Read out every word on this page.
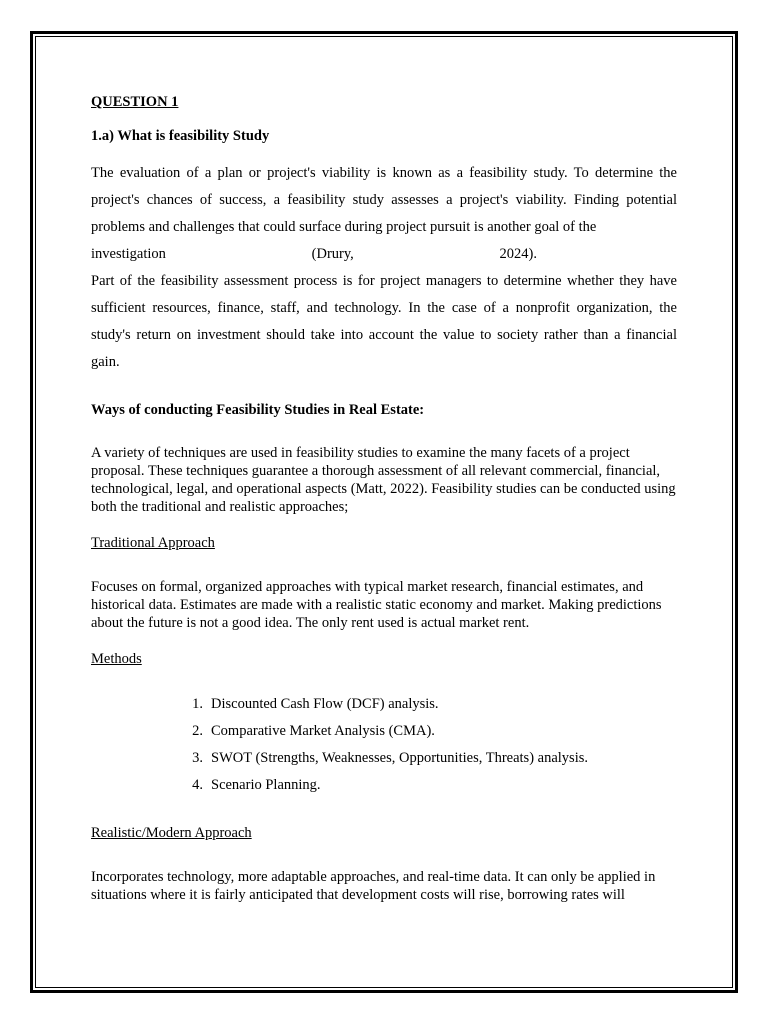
QUESTION 1

1.a) What is feasibility Study

The evaluation of a plan or project's viability is known as a feasibility study. To determine the project's chances of success, a feasibility study assesses a project's viability. Finding potential problems and challenges that could surface during project pursuit is another goal of the

investigation	(Drury,	2024).

Part of the feasibility assessment process is for project managers to determine whether they have sufficient resources, finance, staff, and technology. In the case of a nonprofit organization, the study's return on investment should take into account the value to society rather than a financial gain.

Ways of conducting Feasibility Studies in Real Estate:

A variety of techniques are used in feasibility studies to examine the many facets of a project proposal. These techniques guarantee a thorough assessment of all relevant commercial, financial, technological, legal, and operational aspects (Matt, 2022). Feasibility studies can be conducted using both the traditional and realistic approaches;

Traditional Approach

Focuses on formal, organized approaches with typical market research, financial estimates, and historical data. Estimates are made with a realistic static economy and market. Making predictions about the future is not a good idea. The only rent used is actual market rent.

Methods

1. Discounted Cash Flow (DCF) analysis.
2. Comparative Market Analysis (CMA).
3. SWOT (Strengths, Weaknesses, Opportunities, Threats) analysis.
4. Scenario Planning.

Realistic/Modern Approach

Incorporates technology, more adaptable approaches, and real-time data. It can only be applied in situations where it is fairly anticipated that development costs will rise, borrowing rates will
